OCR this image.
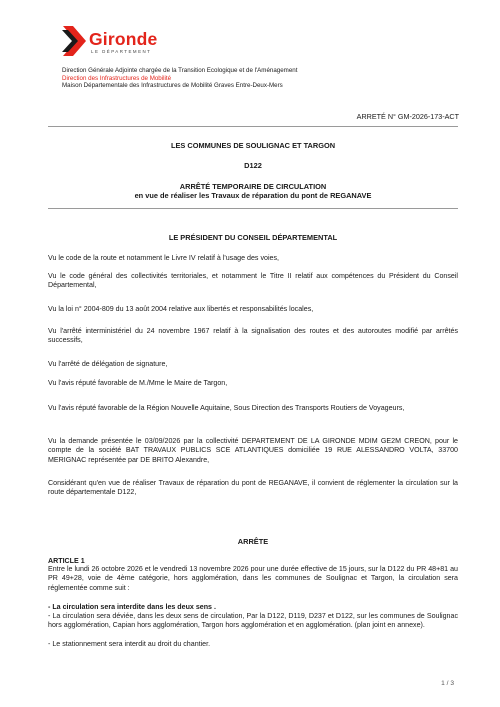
Gironde
LE DÉPARTEMENT
Direction Générale Adjointe chargée de la Transition Ecologique et de l'Aménagement
Direction des Infrastructures de Mobilité
Maison Départementale des Infrastructures de Mobilité Graves Entre-Deux-Mers
ARRETÉ N° GM-2026-173-ACT
LES COMMUNES DE SOULIGNAC ET TARGON
D122
ARRÊTÉ TEMPORAIRE DE CIRCULATION
en vue de réaliser les Travaux de réparation du pont de REGANAVE
LE PRÉSIDENT DU CONSEIL DÉPARTEMENTAL
Vu le code de la route et notamment le Livre IV relatif à l'usage des voies,
Vu le code général des collectivités territoriales, et notamment le Titre II relatif aux compétences du Président du Conseil Départemental,
Vu la loi n° 2004-809 du 13 août 2004 relative aux libertés et responsabilités locales,
Vu l'arrêté interministériel du 24 novembre 1967 relatif à la signalisation des routes et des autoroutes modifié par arrêtés successifs,
Vu l'arrêté de délégation de signature,
Vu l'avis réputé favorable de M./Mme le Maire de Targon,
Vu l'avis réputé favorable de la Région Nouvelle Aquitaine, Sous Direction des Transports Routiers de Voyageurs,
Vu la demande présentée le 03/09/2026 par la collectivité DEPARTEMENT DE LA GIRONDE MDIM GE2M CREON, pour le compte de la société BAT TRAVAUX PUBLICS SCE ATLANTIQUES domiciliée 19 RUE ALESSANDRO VOLTA, 33700 MERIGNAC représentée par DE BRITO Alexandre,
Considérant qu'en vue de réaliser Travaux de réparation du pont de REGANAVE, il convient de réglementer la circulation sur la route départementale D122,
ARRÊTE
ARTICLE 1
Entre le lundi 26 octobre 2026 et le vendredi 13 novembre 2026 pour une durée effective de 15 jours, sur la D122 du PR 48+81 au PR 49+28, voie de 4ème catégorie, hors agglomération, dans les communes de Soulignac et Targon, la circulation sera réglementée comme suit :
- La circulation sera interdite dans les deux sens .
- La circulation sera déviée, dans les deux sens de circulation, Par la D122, D119, D237 et D122, sur les communes de Soulignac hors agglomération, Capian hors agglomération, Targon hors agglomération et en agglomération. (plan joint en annexe).
- Le stationnement sera interdit au droit du chantier.
1 / 3
